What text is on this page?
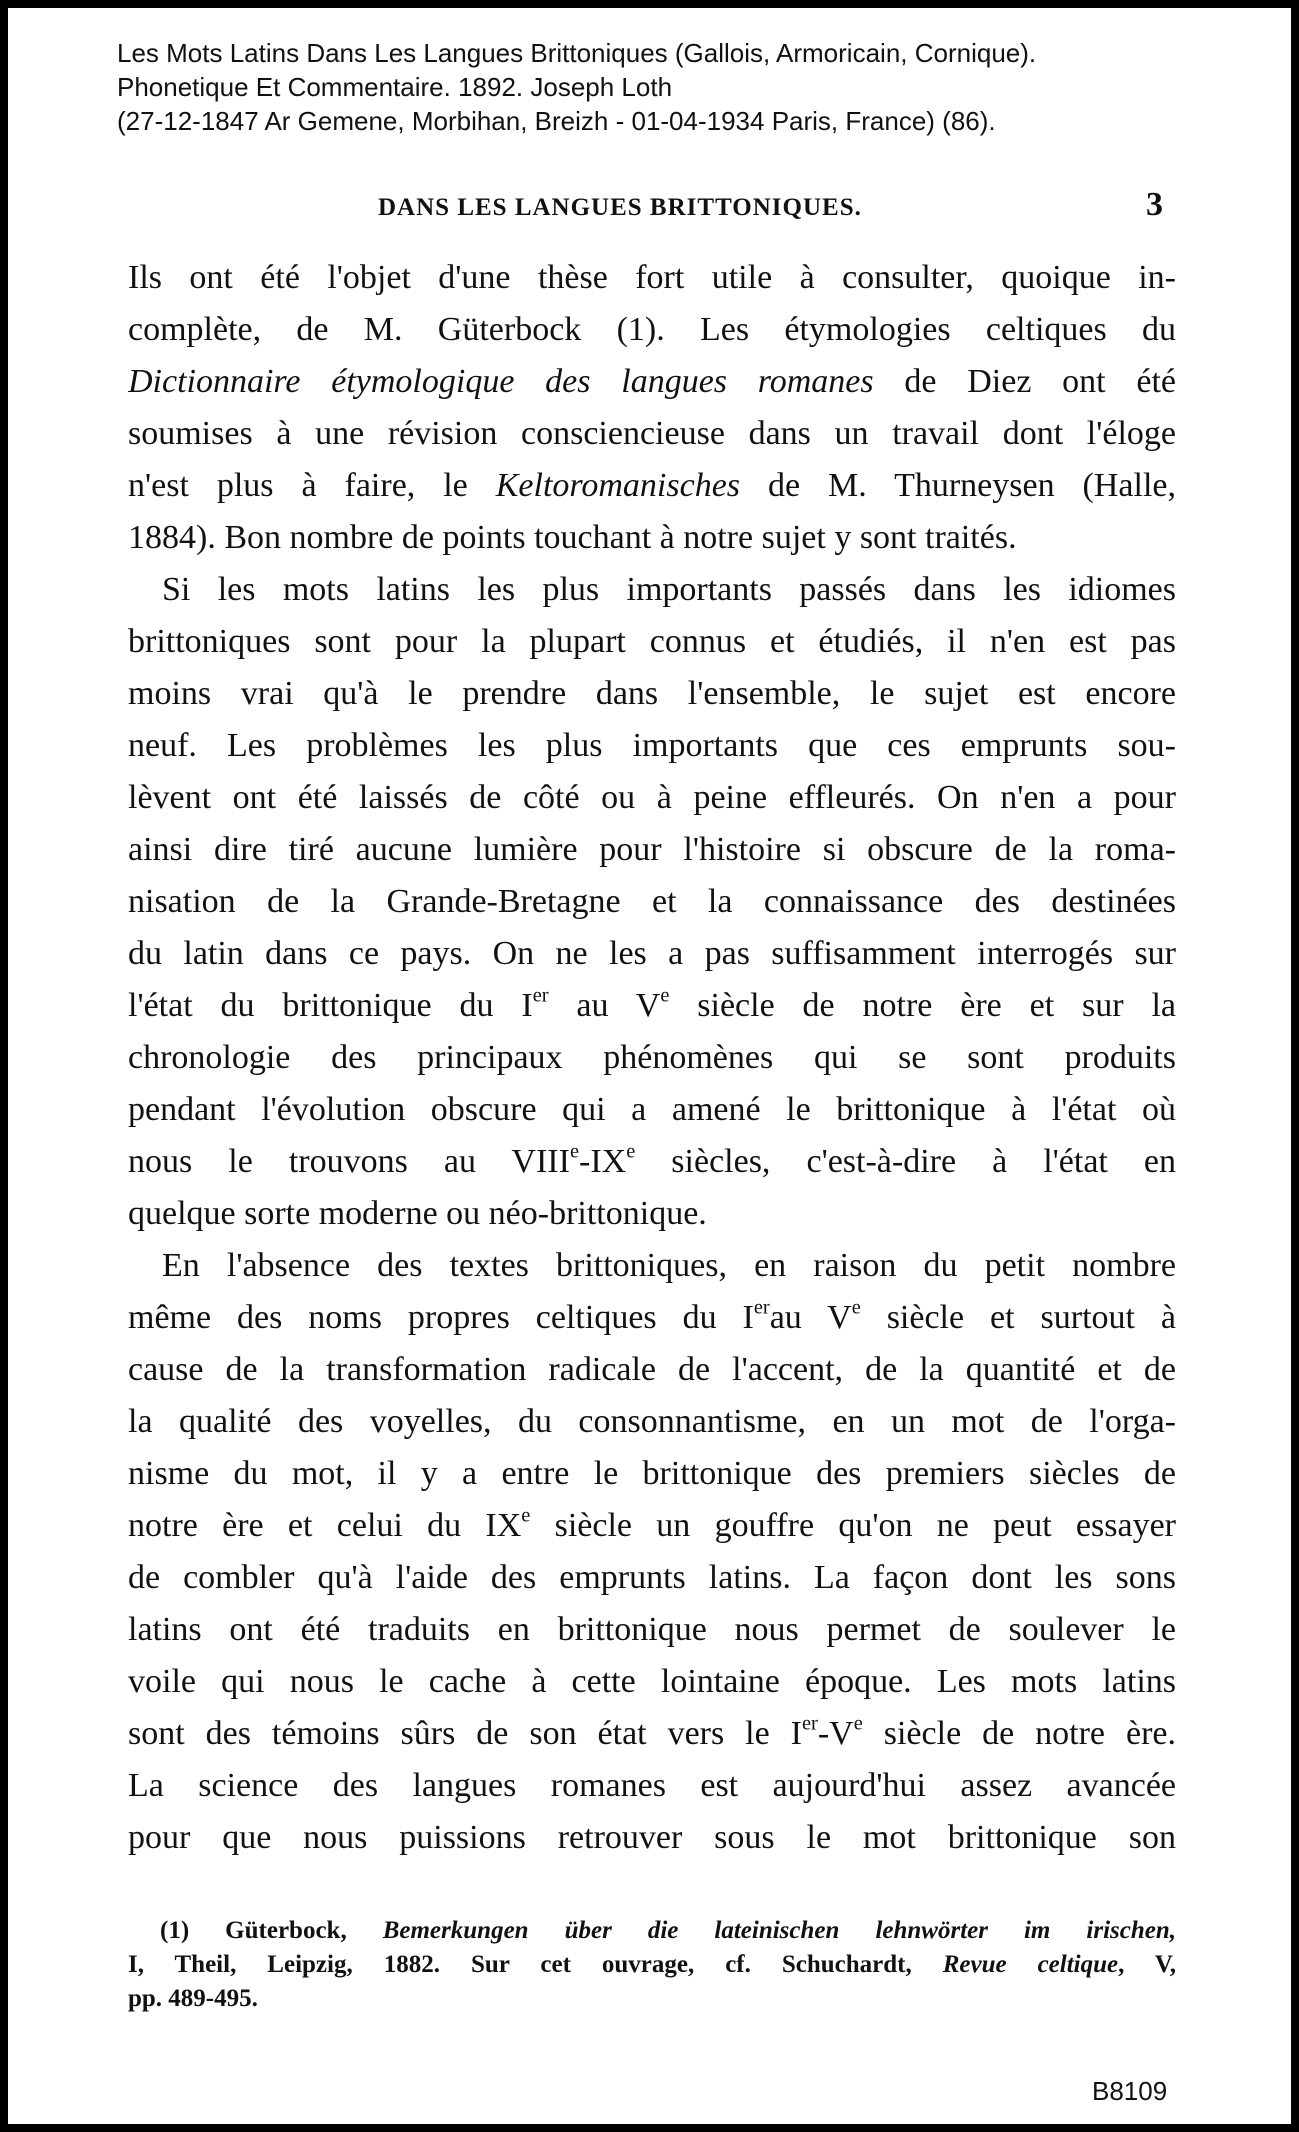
Les Mots Latins Dans Les Langues Brittoniques (Gallois, Armoricain, Cornique).
Phonetique Et Commentaire. 1892. Joseph Loth
(27-12-1847 Ar Gemene, Morbihan, Breizh - 01-04-1934 Paris, France) (86).
DANS LES LANGUES BRITTONIQUES.	3
Ils ont été l'objet d'une thèse fort utile à consulter, quoique in-
complète, de M. Güterbock (1). Les étymologies celtiques du
Dictionnaire étymologique des langues romanes de Diez ont été
soumises à une révision consciencieuse dans un travail dont l'éloge
n'est plus à faire, le Keltoromanisches de M. Thurneysen (Halle,
1884). Bon nombre de points touchant à notre sujet y sont traités.
Si les mots latins les plus importants passés dans les idiomes
brittoniques sont pour la plupart connus et étudiés, il n'en est pas
moins vrai qu'à le prendre dans l'ensemble, le sujet est encore
neuf. Les problèmes les plus importants que ces emprunts sou-
lèvent ont été laissés de côté ou à peine effleurés. On n'en a pour
ainsi dire tiré aucune lumière pour l'histoire si obscure de la roma-
nisation de la Grande-Bretagne et la connaissance des destinées
du latin dans ce pays. On ne les a pas suffisamment interrogés sur
l'état du brittonique du Ier au Ve siècle de notre ère et sur la
chronologie des principaux phénomènes qui se sont produits
pendant l'évolution obscure qui a amené le brittonique à l'état où
nous le trouvons au VIIIe-IXe siècles, c'est-à-dire à l'état en
quelque sorte moderne ou néo-brittonique.
En l'absence des textes brittoniques, en raison du petit nombre
même des noms propres celtiques du Ierau Ve siècle et surtout à
cause de la transformation radicale de l'accent, de la quantité et de
la qualité des voyelles, du consonnantisme, en un mot de l'orga-
nisme du mot, il y a entre le brittonique des premiers siècles de
notre ère et celui du IXe siècle un gouffre qu'on ne peut essayer
de combler qu'à l'aide des emprunts latins. La façon dont les sons
latins ont été traduits en brittonique nous permet de soulever le
voile qui nous le cache à cette lointaine époque. Les mots latins
sont des témoins sûrs de son état vers le Ier-Ve siècle de notre ère.
La science des langues romanes est aujourd'hui assez avancée
pour que nous puissions retrouver sous le mot brittonique son
(1) Güterbock, Bemerkungen über die lateinischen lehnwörter im irischen,
I, Theil, Leipzig, 1882. Sur cet ouvrage, cf. Schuchardt, Revue celtique, V,
pp. 489-495.
B8109
